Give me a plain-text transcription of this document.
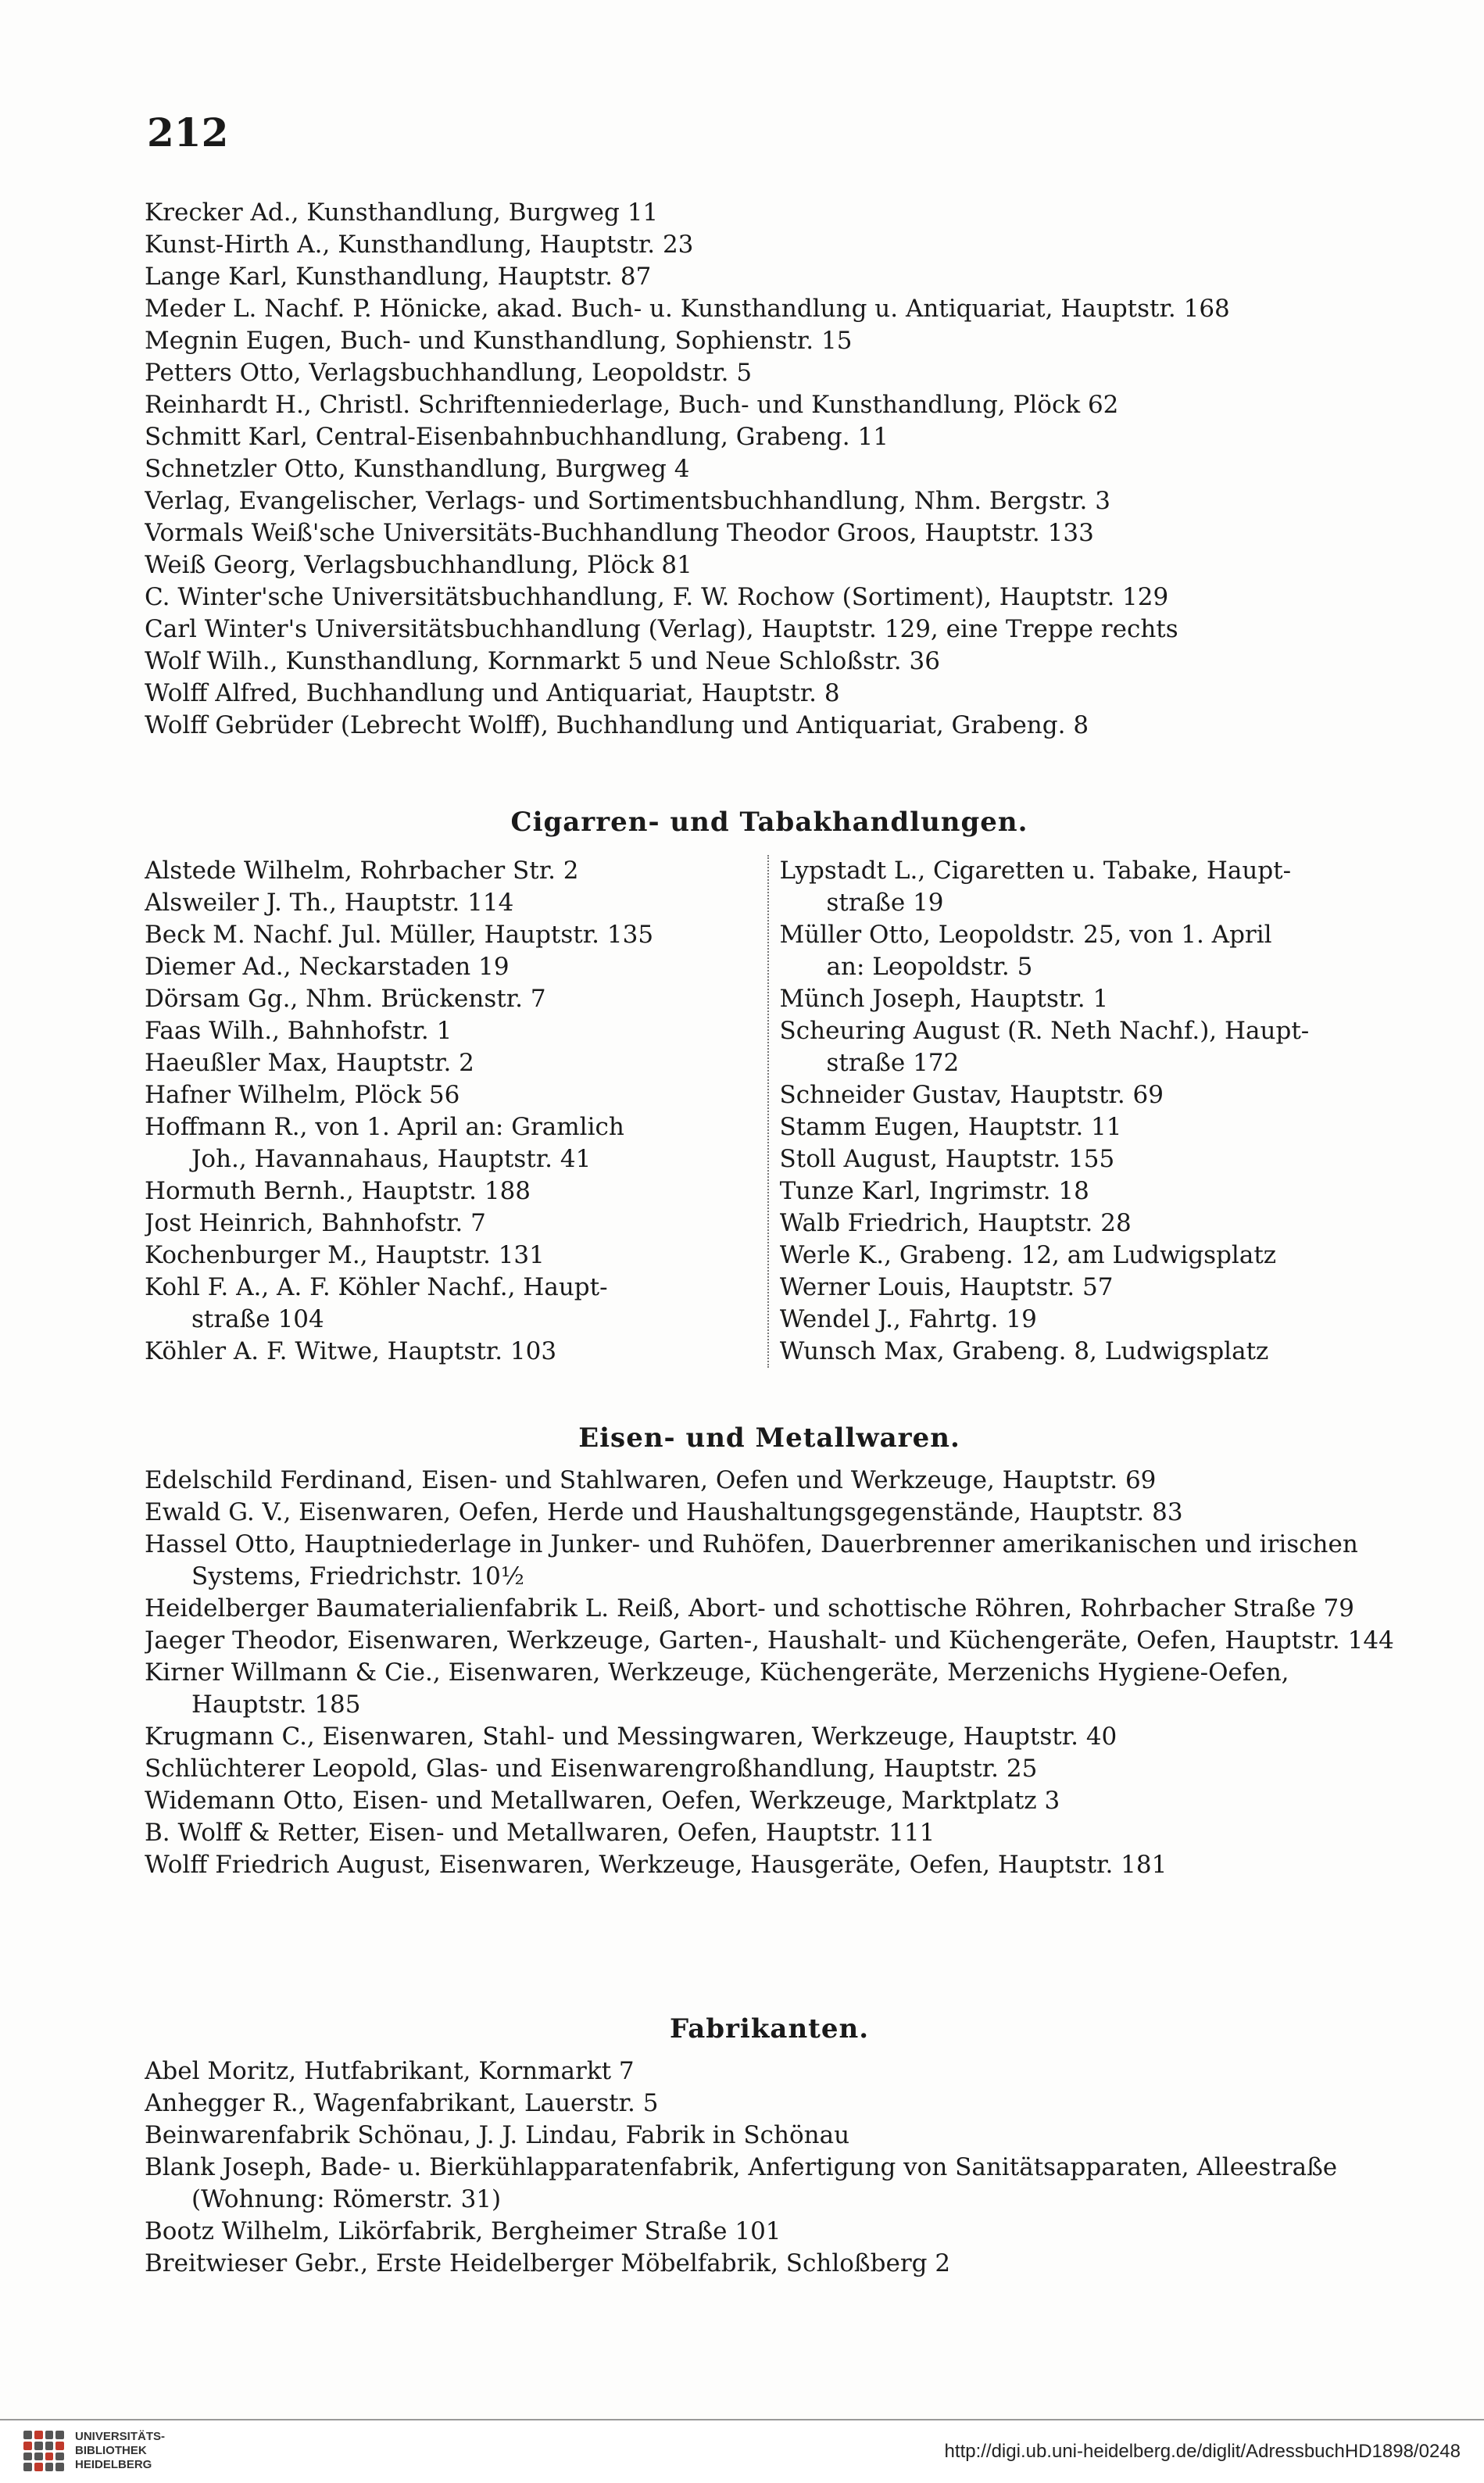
212
Krecker Ad., Kunsthandlung, Burgweg 11
Kunst-Hirth A., Kunsthandlung, Hauptstr. 23
Lange Karl, Kunsthandlung, Hauptstr. 87
Meder L. Nachf. P. Hönicke, akad. Buch- u. Kunsthandlung u. Antiquariat, Hauptstr. 168
Megnin Eugen, Buch- und Kunsthandlung, Sophienstr. 15
Petters Otto, Verlagsbuchhandlung, Leopoldstr. 5
Reinhardt H., Christl. Schriftenniederlage, Buch- und Kunsthandlung, Plöck 62
Schmitt Karl, Central-Eisenbahnbuchhandlung, Grabeng. 11
Schnetzler Otto, Kunsthandlung, Burgweg 4
Verlag, Evangelischer, Verlags- und Sortimentsbuchhandlung, Nhm. Bergstr. 3
Vormals Weiß'sche Universitäts-Buchhandlung Theodor Groos, Hauptstr. 133
Weiß Georg, Verlagsbuchhandlung, Plöck 81
C. Winter'sche Universitätsbuchhandlung, F. W. Rochow (Sortiment), Hauptstr. 129
Carl Winter's Universitätsbuchhandlung (Verlag), Hauptstr. 129, eine Treppe rechts
Wolf Wilh., Kunsthandlung, Kornmarkt 5 und Neue Schloßstr. 36
Wolff Alfred, Buchhandlung und Antiquariat, Hauptstr. 8
Wolff Gebrüder (Lebrecht Wolff), Buchhandlung und Antiquariat, Grabeng. 8
Cigarren- und Tabakhandlungen.
Alstede Wilhelm, Rohrbacher Str. 2
Alsweiler J. Th., Hauptstr. 114
Beck M. Nachf. Jul. Müller, Hauptstr. 135
Diemer Ad., Neckarstaden 19
Dörsam Gg., Nhm. Brückenstr. 7
Faas Wilh., Bahnhofstr. 1
Haeußler Max, Hauptstr. 2
Hafner Wilhelm, Plöck 56
Hoffmann R., von 1. April an: Gramlich
Joh., Havannahaus, Hauptstr. 41
Hormuth Bernh., Hauptstr. 188
Jost Heinrich, Bahnhofstr. 7
Kochenburger M., Hauptstr. 131
Kohl F. A., A. F. Köhler Nachf., Haupt-
straße 104
Köhler A. F. Witwe, Hauptstr. 103
Lypstadt L., Cigaretten u. Tabake, Haupt-
straße 19
Müller Otto, Leopoldstr. 25, von 1. April
an: Leopoldstr. 5
Münch Joseph, Hauptstr. 1
Scheuring August (R. Neth Nachf.), Haupt-
straße 172
Schneider Gustav, Hauptstr. 69
Stamm Eugen, Hauptstr. 11
Stoll August, Hauptstr. 155
Tunze Karl, Ingrimstr. 18
Walb Friedrich, Hauptstr. 28
Werle K., Grabeng. 12, am Ludwigsplatz
Werner Louis, Hauptstr. 57
Wendel J., Fahrtg. 19
Wunsch Max, Grabeng. 8, Ludwigsplatz
Eisen- und Metallwaren.
Edelschild Ferdinand, Eisen- und Stahlwaren, Oefen und Werkzeuge, Hauptstr. 69
Ewald G. V., Eisenwaren, Oefen, Herde und Haushaltungsgegenstände, Hauptstr. 83
Hassel Otto, Hauptniederlage in Junker- und Ruhöfen, Dauerbrenner amerikanischen und irischen Systems, Friedrichstr. 10½
Heidelberger Baumaterialienfabrik L. Reiß, Abort- und schottische Röhren, Rohrbacher Straße 79
Jaeger Theodor, Eisenwaren, Werkzeuge, Garten-, Haushalt- und Küchengeräte, Oefen, Hauptstr. 144
Kirner Willmann & Cie., Eisenwaren, Werkzeuge, Küchengeräte, Merzenichs Hygiene-Oefen, Hauptstr. 185
Krugmann C., Eisenwaren, Stahl- und Messingwaren, Werkzeuge, Hauptstr. 40
Schlüchterer Leopold, Glas- und Eisenwarengroßhandlung, Hauptstr. 25
Widemann Otto, Eisen- und Metallwaren, Oefen, Werkzeuge, Marktplatz 3
B. Wolff & Retter, Eisen- und Metallwaren, Oefen, Hauptstr. 111
Wolff Friedrich August, Eisenwaren, Werkzeuge, Hausgeräte, Oefen, Hauptstr. 181
Fabrikanten.
Abel Moritz, Hutfabrikant, Kornmarkt 7
Anhegger R., Wagenfabrikant, Lauerstr. 5
Beinwarenfabrik Schönau, J. J. Lindau, Fabrik in Schönau
Blank Joseph, Bade- u. Bierkühlapparatenfabrik, Anfertigung von Sanitätsapparaten, Alleestraße (Wohnung: Römerstr. 31)
Bootz Wilhelm, Likörfabrik, Bergheimer Straße 101
Breitwieser Gebr., Erste Heidelberger Möbelfabrik, Schloßberg 2
UNIVERSITÄTS-
BIBLIOTHEK
HEIDELBERG
http://digi.ub.uni-heidelberg.de/diglit/AdressbuchHD1898/0248
